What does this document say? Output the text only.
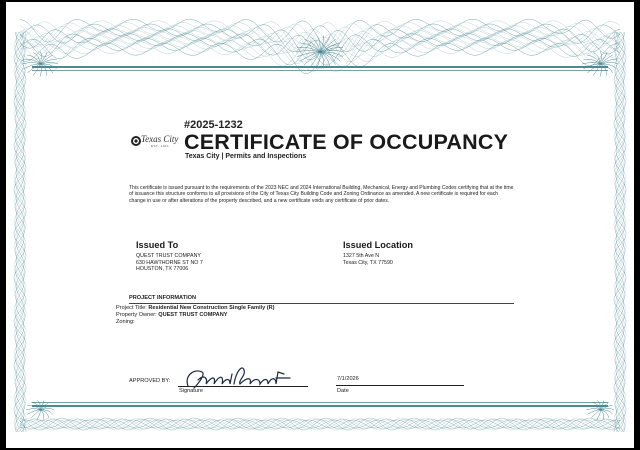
Texas City
EST. 1911
#2025-1232
CERTIFICATE OF OCCUPANCY
Texas City | Permits and Inspections
This certificate is issued pursuant to the requirements of the 2023 NEC and 2024 International Building, Mechanical, Energy and Plumbing Codes certifying that at the time of issuance this structure conforms to all provisions of the City of Texas City Building Code and Zoning Ordinance as amended. A new certificate is required for each change in use or after alterations of the property described, and a new certificate voids any certificate of prior dates.
Issued To
QUEST TRUST COMPANY
630 HAWTHORNE ST NO 7
HOUSTON, TX 77006
Issued Location
1327 5th Ave N
Texas City, TX 77590
PROJECT INFORMATION
Project Title: Residential New Construction Single Family (R)
Property Owner: QUEST TRUST COMPANY
Zoning:
APPROVED BY:
Signature
7/1/2026
Date
